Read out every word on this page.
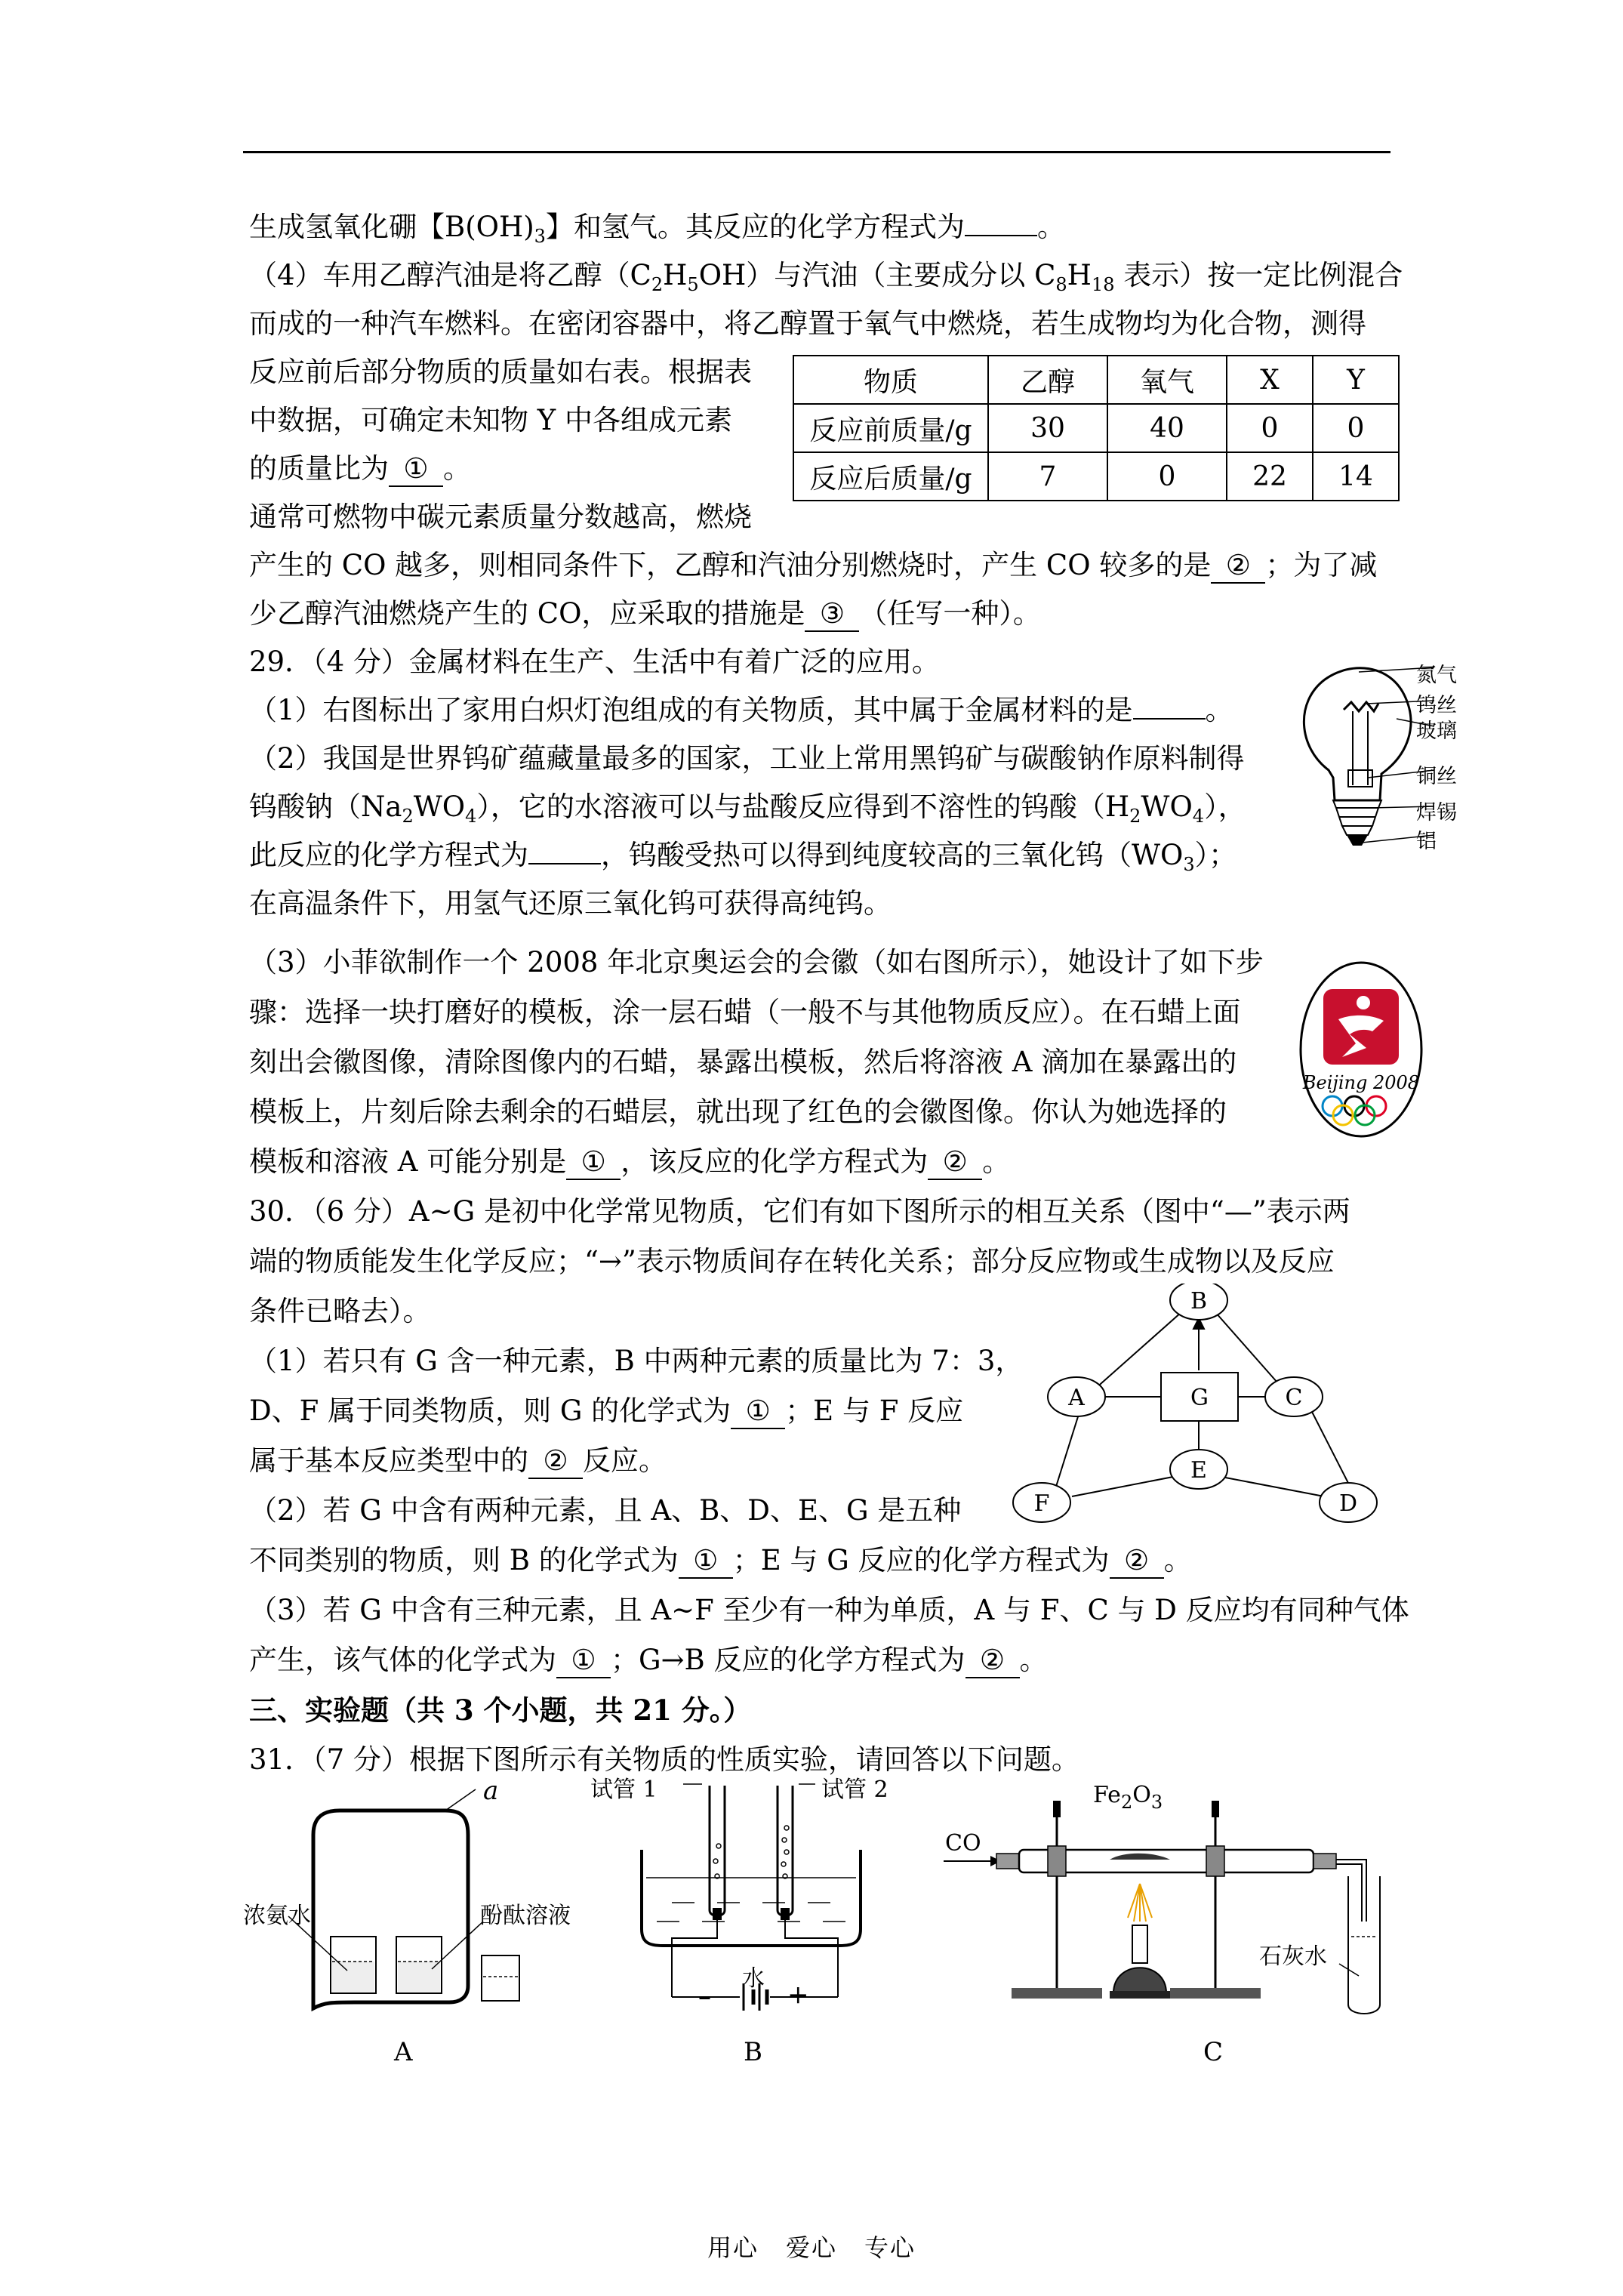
生成氢氧化硼【$B(OH)_3$】和氢气。其反应的化学方程式为	。
（4）车用乙醇汽油是将乙醇$(C_2H_5OH)$与汽油（主要成分以 $C_8H_{18}$ 表示）按一定比例混合
而成的一种汽车燃料。在密闭容器中，将乙醇置于氧气中燃烧，若生成物均为化合物，测得
反应前后部分物质的质量如右表。根据表
中数据，可确定未知物 Y 中各组成元素
的质量比为 ① 。
通常可燃物中碳元素质量分数越高，燃烧
产生的 CO 越多，则相同条件下，乙醇和汽油分别燃烧时，产生 CO 较多的是 ② ；为了减
少乙醇汽油燃烧产生的 CO，应采取的措施是 ③ （任写一种）。
物质	乙醇	氧气	X	Y
反应前质量/g	30	40	0	0
反应后质量/g	7	0	22	14
29．（4 分）金属材料在生产、生活中有着广泛的应用。
（1）右图标出了家用白炽灯泡组成的有关物质，其中属于金属材料的是	。
（2）我国是世界钨矿蕴藏量最多的国家，工业上常用黑钨矿与碳酸钠作原料制得
钨酸钠$(Na_2WO_4)$，它的水溶液可以与盐酸反应得到不溶性的钨酸$(H_2WO_4)$，
此反应的化学方程式为	，钨酸受热可以得到纯度较高的三氧化钨$(WO_3)$；
在高温条件下，用氢气还原三氧化钨可获得高纯钨。
氮气
钨丝
玻璃
铜丝
焊锡
铝
（3）小菲欲制作一个 2008 年北京奥运会的会徽（如右图所示），她设计了如下步
骤：选择一块打磨好的模板，涂一层石蜡（一般不与其他物质反应）。在石蜡上面
刻出会徽图像，清除图像内的石蜡，暴露出模板，然后将溶液 A 滴加在暴露出的
模板上，片刻后除去剩余的石蜡层，就出现了红色的会徽图像。你认为她选择的
模板和溶液 A 可能分别是 ① ，该反应的化学方程式为 ② 。
Beijing 2008
30．（6 分）A~G 是初中化学常见物质，它们有如下图所示的相互关系（图中“—”表示两
端的物质能发生化学反应；“→”表示物质间存在转化关系；部分反应物或生成物以及反应
条件已略去）。
（1）若只有 G 含一种元素，B 中两种元素的质量比为 7：3，
D、F 属于同类物质，则 G 的化学式为 ① ；E 与 F 反应
属于基本反应类型中的 ② 反应。
（2）若 G 中含有两种元素，且 A、B、D、E、G 是五种
不同类别的物质，则 B 的化学式为 ① ；E 与 G 反应的化学方程式为 ② 。
（3）若 G 中含有三种元素，且 A~F 至少有一种为单质，A 与 F、C 与 D 反应均有同种气体
产生，该气体的化学式为 ① ；G→B 反应的化学方程式为 ② 。
三、实验题（共 3 个小题，共 21 分。）
31．（7 分）根据下图所示有关物质的性质实验，请回答以下问题。
A
B
C
D
E
F
G
a
浓氨水	酚酞溶液
A
试管 1	试管 2
水
–	+
B
CO
$Fe_2O_3$
石灰水
C
用心 爱心 专心
